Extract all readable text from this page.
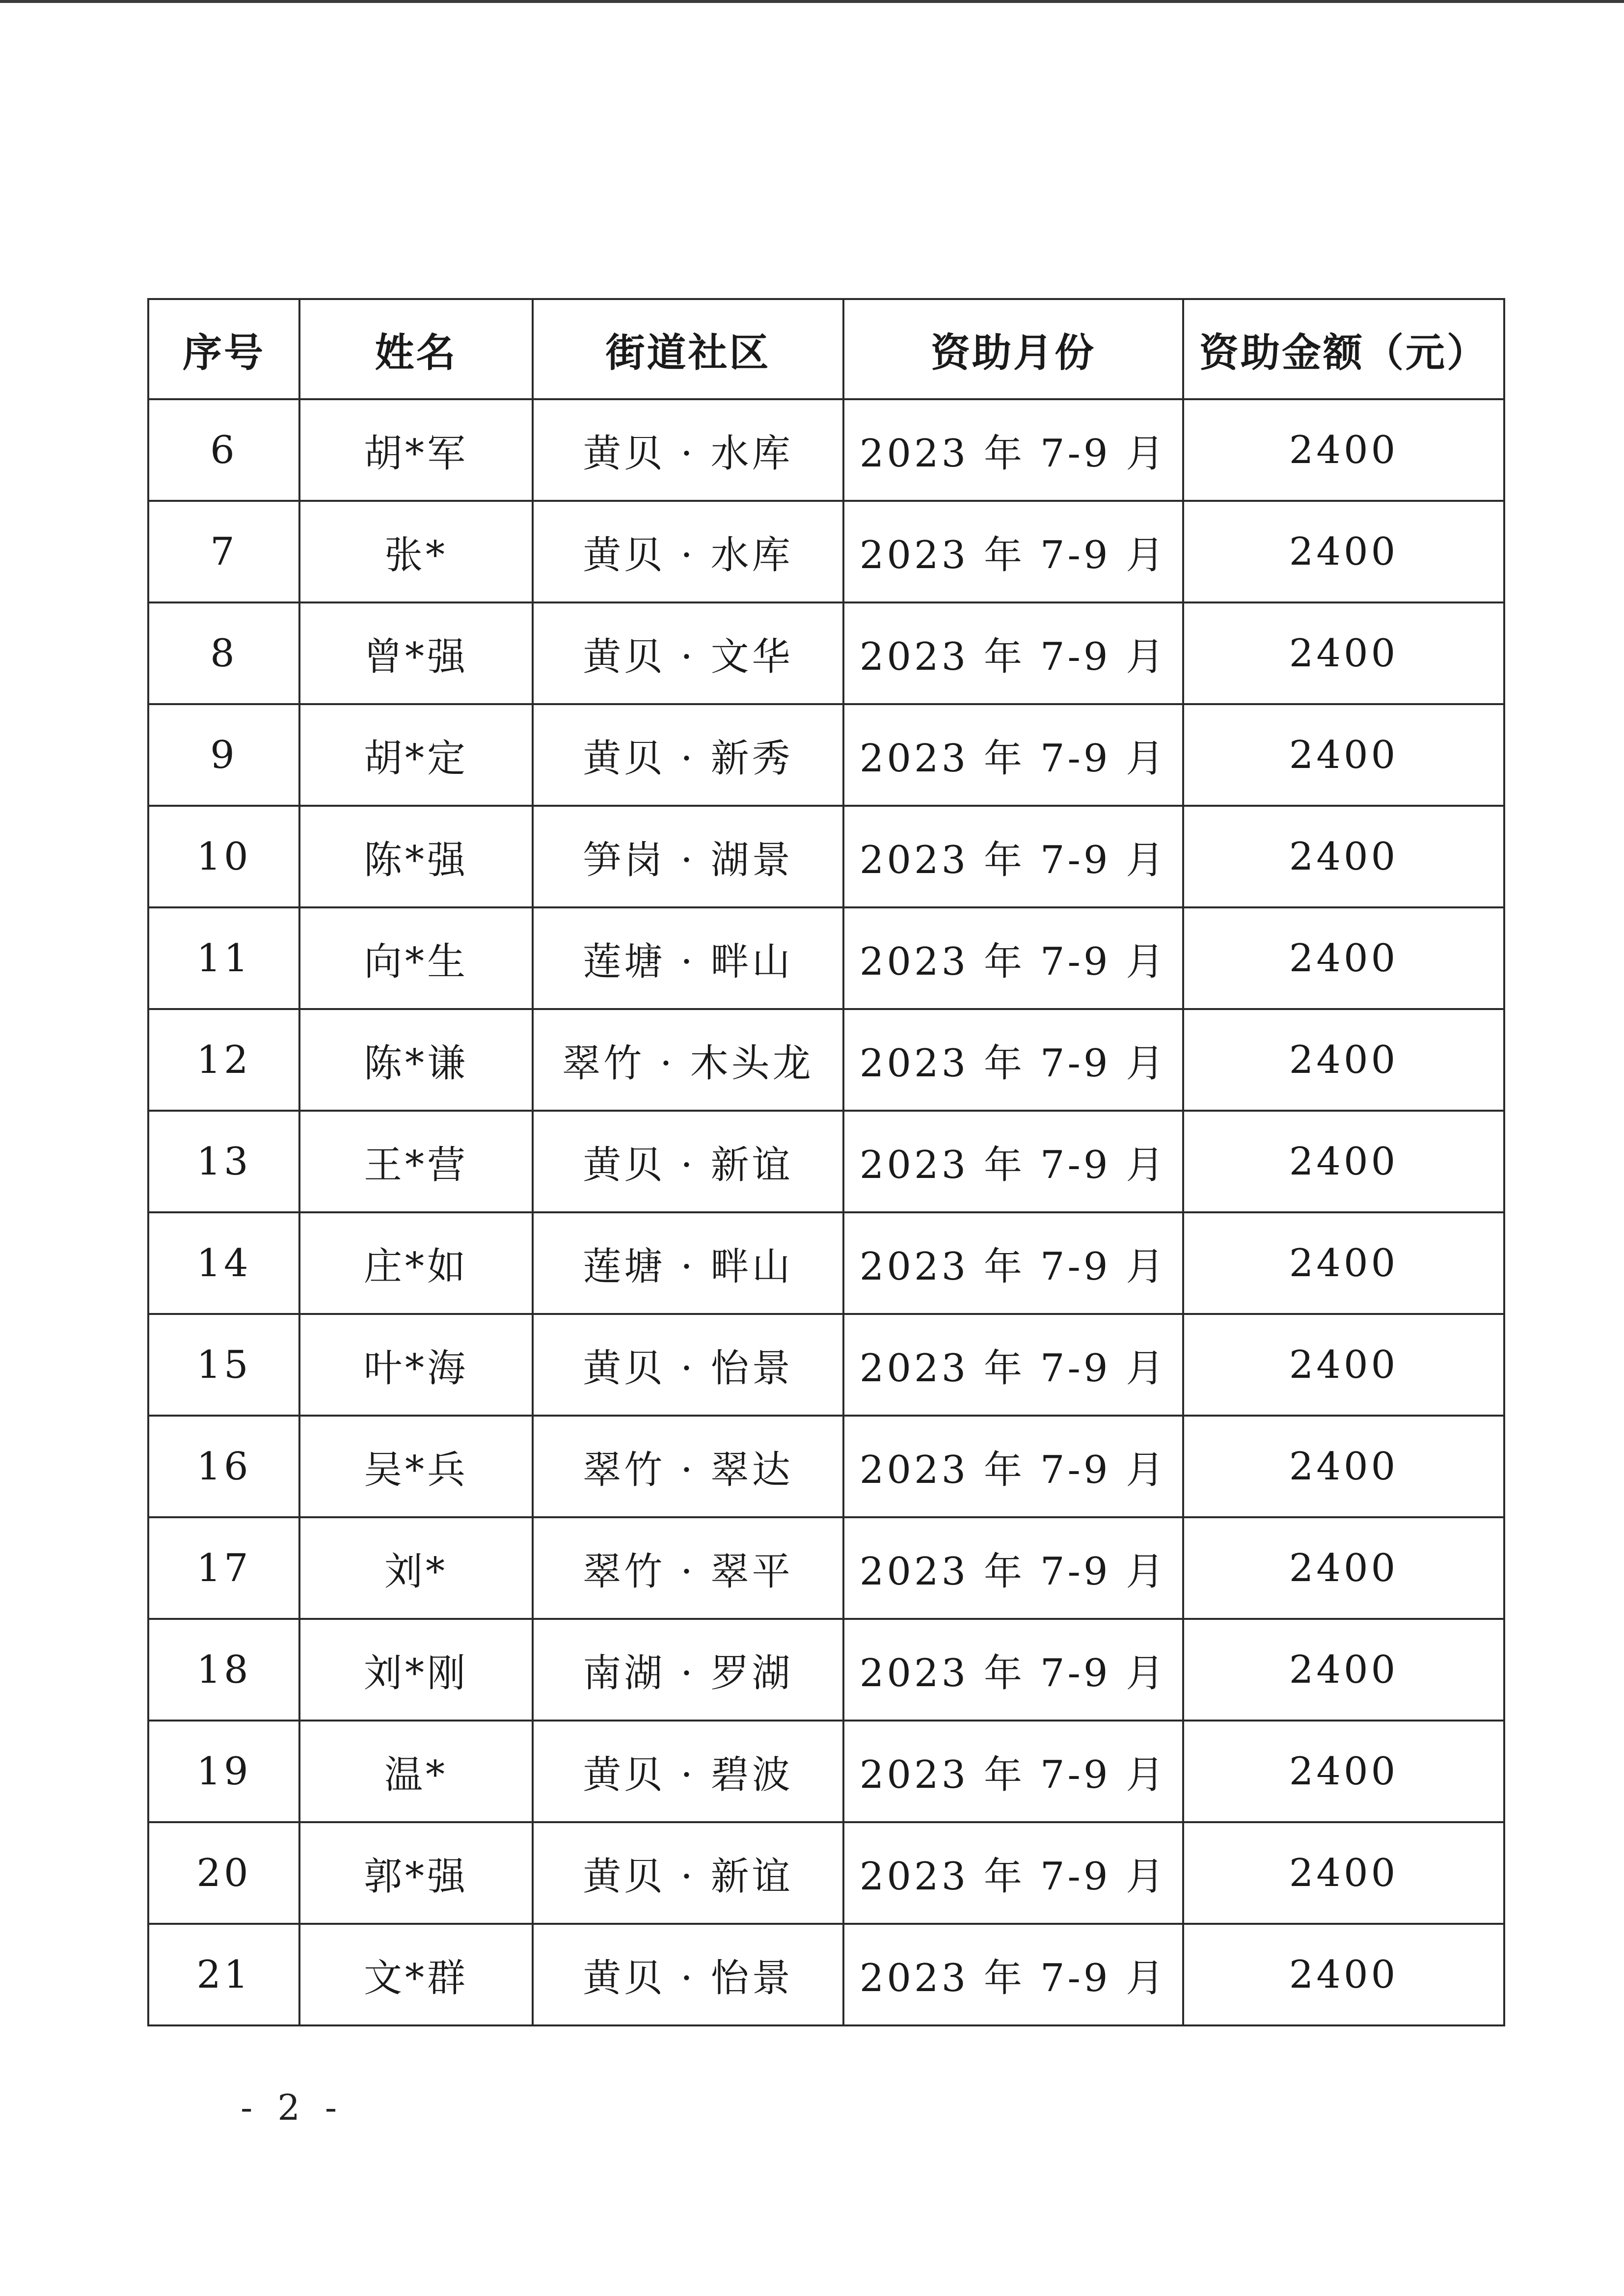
序号	姓名	街道社区	资助月份	资助金额（元）
6	胡*军	黄贝 · 水库	2023 年 7-9 月	2400
7	张*	黄贝 · 水库	2023 年 7-9 月	2400
8	曾*强	黄贝 · 文华	2023 年 7-9 月	2400
9	胡*定	黄贝 · 新秀	2023 年 7-9 月	2400
10	陈*强	笋岗 · 湖景	2023 年 7-9 月	2400
11	向*生	莲塘 · 畔山	2023 年 7-9 月	2400
12	陈*谦	翠竹 · 木头龙	2023 年 7-9 月	2400
13	王*营	黄贝 · 新谊	2023 年 7-9 月	2400
14	庄*如	莲塘 · 畔山	2023 年 7-9 月	2400
15	叶*海	黄贝 · 怡景	2023 年 7-9 月	2400
16	吴*兵	翠竹 · 翠达	2023 年 7-9 月	2400
17	刘*	翠竹 · 翠平	2023 年 7-9 月	2400
18	刘*刚	南湖 · 罗湖	2023 年 7-9 月	2400
19	温*	黄贝 · 碧波	2023 年 7-9 月	2400
20	郭*强	黄贝 · 新谊	2023 年 7-9 月	2400
21	文*群	黄贝 · 怡景	2023 年 7-9 月	2400
- 2 -
